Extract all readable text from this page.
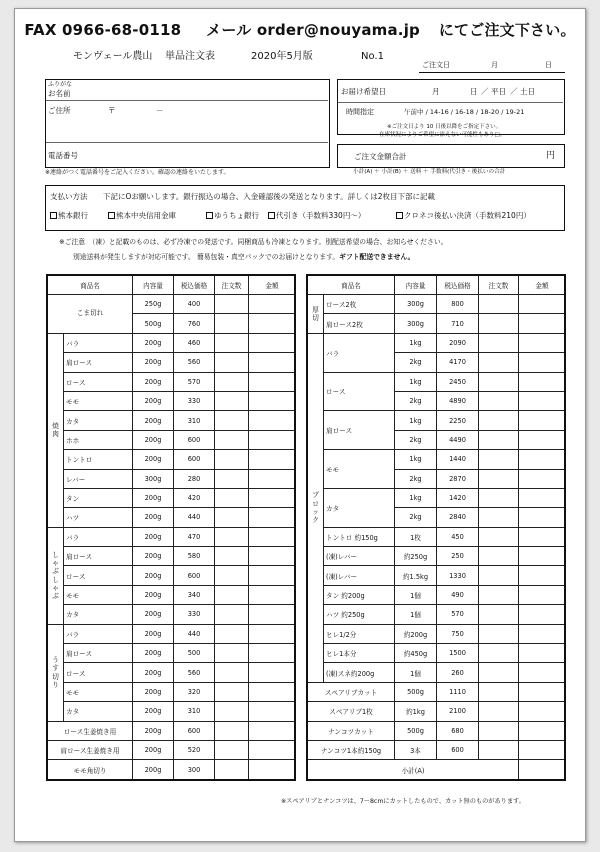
FAX 0966-68-0118 メール order@nouyama.jp にてご注文下さい。
モンヴェール農山 単品注文表	2020年5月版	No.1
ご注文日	月	日
ふりがな
お名前
ご住所	〒	－
電話番号
※連絡がつく電話番号をご記入ください。確認の連絡をいたします。
お届け希望日	月	日 ／ 平日 ／ 土日
時間指定	午前中 / 14-16 / 16-18 / 18-20 / 19-21
※ご注文日より 10 日後以降をご指定下さい。
在庫状況によりご希望に添えない可能性もあり□。
ご注文金額合計	円
小計(A) ＋ 小計(B) ＋ 送料 ＋ 手数料(代引き・後払いの合計
支払い方法 下記にOお願いします。銀行振込の場合、入金確認後の発送となります。詳しくは2枚目下部に記載
熊本銀行	熊本中央信用金庫	ゆうちょ銀行	代引き（手数料330円～）	クロネコ後払い決済（手数料210円）
※ご注意　（凍）と記載のものは、必ず冷凍での発送です。同梱商品も冷凍となります。別配送希望の場合、お知らせください。
別途送料が発生しますが対応可能です。 簡易包装・真空パックでのお届けとなります。ギフト配送できません。
商品名		内容量	税込価格	注文数	金額
こま切れ		250g	400		
		500g	760		
焼肉	バラ	200g	460		
	肩ロース	200g	560		
	ロース	200g	570		
	モモ	200g	330		
	カタ	200g	310		
	ホホ	200g	600		
	トントロ	200g	600		
	レバー	300g	280		
	タン	200g	420		
	ハツ	200g	440		
しゃぶしゃぶ	バラ	200g	470		
	肩ロース	200g	580		
	ロース	200g	600		
	モモ	200g	340		
	カタ	200g	330		
うす切り	バラ	200g	440		
	肩ロース	200g	500		
	ロース	200g	560		
	モモ	200g	320		
	カタ	200g	310		
ロース生姜焼き用		200g	600		
肩ロース生姜焼き用		200g	520		
モモ角切り		200g	300		
商品名		内容量	税込価格	注文数	金額
厚切	ロース2枚	300g	800		
	肩ロース2枚	300g	710		
ブロック	バラ	1kg	2090		
		2kg	4170		
	ロース	1kg	2450		
		2kg	4890		
	肩ロース	1kg	2250		
		2kg	4490		
	モモ	1kg	1440		
		2kg	2870		
	カタ	1kg	1420		
		2kg	2840		
	トントロ 約150g	1枚	450		
	(凍)レバー	約250g	250		
	(凍)レバー	約1.5kg	1330		
	タン 約200g	1個	490		
	ハツ 約250g	1個	570		
	ヒレ1/2分	約200g	750		
	ヒレ1本分	約450g	1500		
	(凍)スネ約200g	1個	260		
スペアリブカット		500g	1110		
スペアリブ1枚		約1kg	2100		
ナンコツカット		500g	680		
ナンコツ1本約150g		3本	600		
小計(A)					
※スペアリブとナンコツは、7～8cmにカットしたもので、カット無のものがあります。
